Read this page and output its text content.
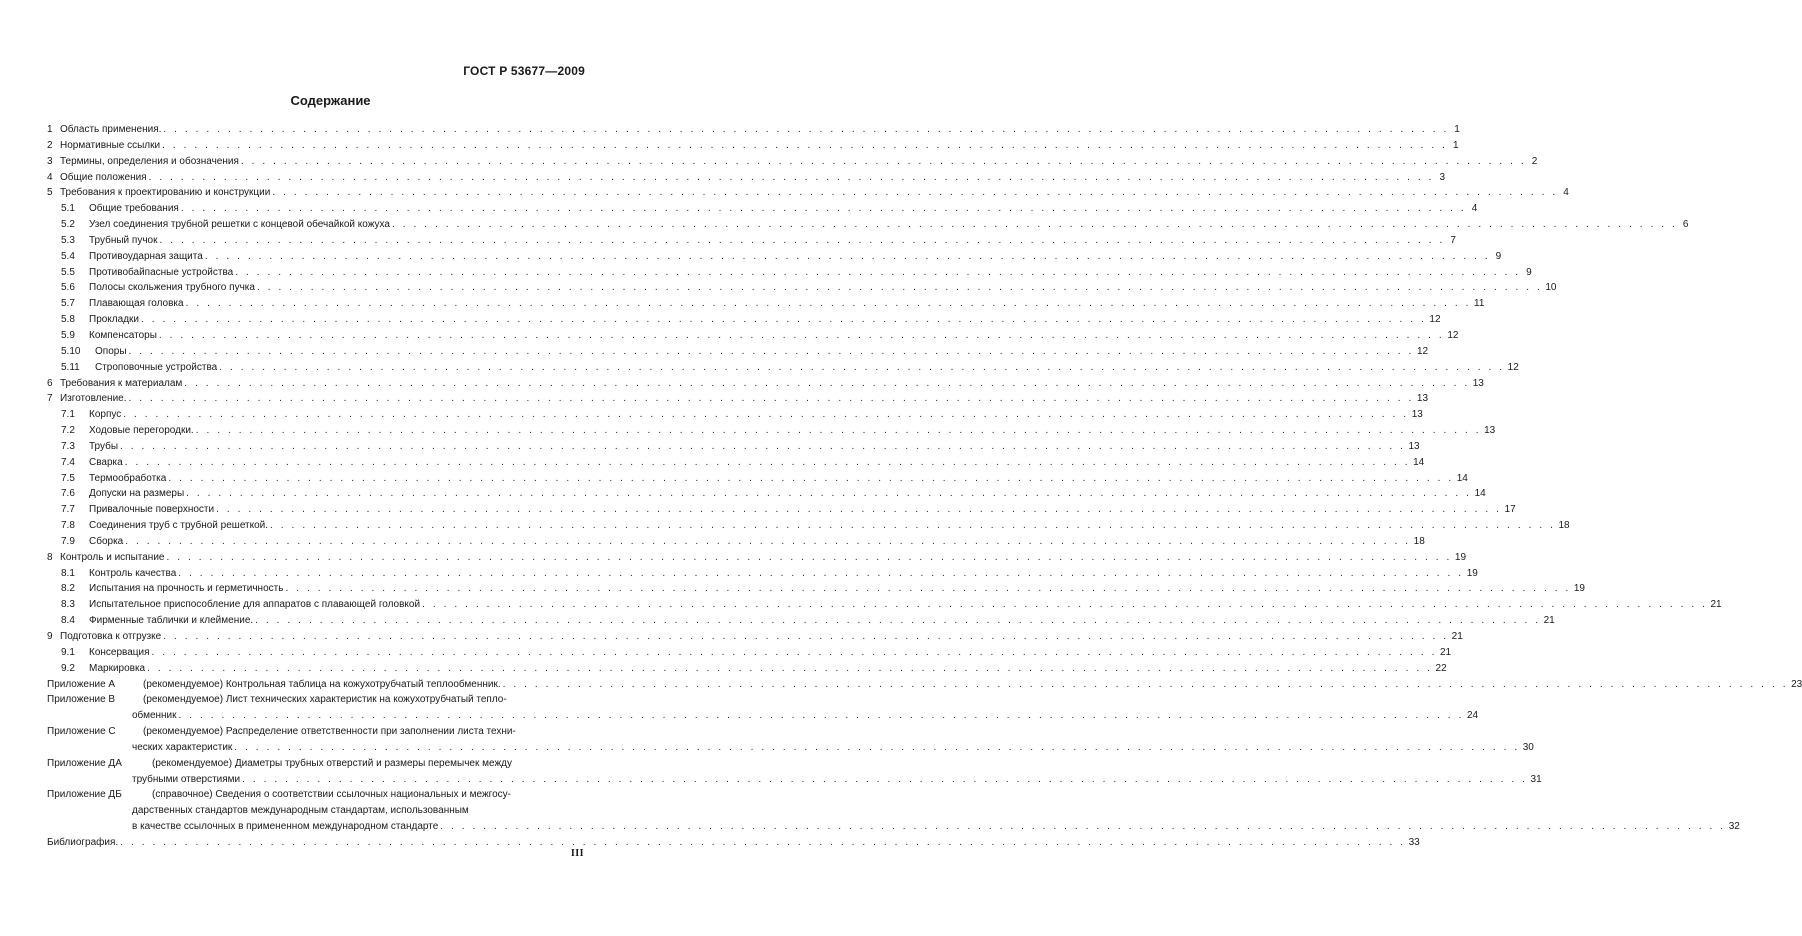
ГОСТ Р 53677—2009
Содержание
1 Область применения. . . . . . . . . . . . . . . . . . . . . . . . . . . . . . . . . . . . . . . . . . . . . . . . . . . . . . . . . . . . . . . . . . . . . . . . . . . . . . . . . . . . . . . . . . . . . . . . . . . . . . . . . . . . . . . . . . . . . . . . . 1
2 Нормативные ссылки . . . . . . . . . . . . . . . . . . . . . . . . . . . . . . . . . . . . . . . . . . . . . . . . . . . . . . . . . . . . . . . . . . . . . . . . . . . . . . . . . . . . . . . . . . . . . . . . . . . . . . . . . . . . . . . . . . . . . . . . 1
3 Термины, определения и обозначения . . . . . . . . . . . . . . . . . . . . . . . . . . . . . . . . . . . . . . . . . . . . . . . . . . . . . . . . . . . . . . . . . . . . . . . . . . . . . . . . . . . . . . . . . . . . . . . . . . . . . . . . . . . . . . . . . . . . . . . . 2
4 Общие положения . . . . . . . . . . . . . . . . . . . . . . . . . . . . . . . . . . . . . . . . . . . . . . . . . . . . . . . . . . . . . . . . . . . . . . . . . . . . . . . . . . . . . . . . . . . . . . . . . . . . . . . . . . . . . . . . . . . . . . . . 3
5 Требования к проектированию и конструкции . . . . . . . . . . . . . . . . . . . . . . . . . . . . . . . . . . . . . . . . . . . . . . . . . . . . . . . . . . . . . . . . . . . . . . . . . . . . . . . . . . . . . . . . . . . . . . . . . . . . . . . . . . . . . . . . . . . . . . . . 4
5.1 Общие требования . . . . . . . . . . . . . . . . . . . . . . . . . . . . . . . . . . . . . . . . . . . . . . . . . . . . . . . . . . . . . . . . . . . . . . . . . . . . . . . . . . . . . . . . . . . . . . . . . . . . . . . . . . . . . . . . . . . . . . . . 4
5.2 Узел соединения трубной решетки с концевой обечайкой кожуха . . . . . . . . . . . . . . . . . . . . . . . . . . . . . . . . . . . . . . . . . . . . . . . . . . . . . . . . . . . . . . . . . . . . . . . . . . . . . . . . . . . . . . . . . . . . . . . . . . . . . . . . . . . . . . . . . . . . . . . . 6
5.3 Трубный пучок . . . . . . . . . . . . . . . . . . . . . . . . . . . . . . . . . . . . . . . . . . . . . . . . . . . . . . . . . . . . . . . . . . . . . . . . . . . . . . . . . . . . . . . . . . . . . . . . . . . . . . . . . . . . . . . . . . . . . . . . 7
5.4 Противоударная защита . . . . . . . . . . . . . . . . . . . . . . . . . . . . . . . . . . . . . . . . . . . . . . . . . . . . . . . . . . . . . . . . . . . . . . . . . . . . . . . . . . . . . . . . . . . . . . . . . . . . . . . . . . . . . . . . . . . . . . . . 9
5.5 Противобайпасные устройства . . . . . . . . . . . . . . . . . . . . . . . . . . . . . . . . . . . . . . . . . . . . . . . . . . . . . . . . . . . . . . . . . . . . . . . . . . . . . . . . . . . . . . . . . . . . . . . . . . . . . . . . . . . . . . . . . . . . . . . . 9
5.6 Полосы скольжения трубного пучка . . . . . . . . . . . . . . . . . . . . . . . . . . . . . . . . . . . . . . . . . . . . . . . . . . . . . . . . . . . . . . . . . . . . . . . . . . . . . . . . . . . . . . . . . . . . . . . . . . . . . . . . . . . . . . . . . . . . . . . . 10
5.7 Плавающая головка . . . . . . . . . . . . . . . . . . . . . . . . . . . . . . . . . . . . . . . . . . . . . . . . . . . . . . . . . . . . . . . . . . . . . . . . . . . . . . . . . . . . . . . . . . . . . . . . . . . . . . . . . . . . . . . . . . . . . . . . 11
5.8 Прокладки . . . . . . . . . . . . . . . . . . . . . . . . . . . . . . . . . . . . . . . . . . . . . . . . . . . . . . . . . . . . . . . . . . . . . . . . . . . . . . . . . . . . . . . . . . . . . . . . . . . . . . . . . . . . . . . . . . . . . . . . 12
5.9 Компенсаторы . . . . . . . . . . . . . . . . . . . . . . . . . . . . . . . . . . . . . . . . . . . . . . . . . . . . . . . . . . . . . . . . . . . . . . . . . . . . . . . . . . . . . . . . . . . . . . . . . . . . . . . . . . . . . . . . . . . . . . . . 12
5.10 Опоры . . . . . . . . . . . . . . . . . . . . . . . . . . . . . . . . . . . . . . . . . . . . . . . . . . . . . . . . . . . . . . . . . . . . . . . . . . . . . . . . . . . . . . . . . . . . . . . . . . . . . . . . . . . . . . . . . . . . . . . . 12
5.11 Строповочные устройства . . . . . . . . . . . . . . . . . . . . . . . . . . . . . . . . . . . . . . . . . . . . . . . . . . . . . . . . . . . . . . . . . . . . . . . . . . . . . . . . . . . . . . . . . . . . . . . . . . . . . . . . . . . . . . . . . . . . . . . . 12
6 Требования к материалам . . . . . . . . . . . . . . . . . . . . . . . . . . . . . . . . . . . . . . . . . . . . . . . . . . . . . . . . . . . . . . . . . . . . . . . . . . . . . . . . . . . . . . . . . . . . . . . . . . . . . . . . . . . . . . . . . . . . . . . . 13
7 Изготовление. . . . . . . . . . . . . . . . . . . . . . . . . . . . . . . . . . . . . . . . . . . . . . . . . . . . . . . . . . . . . . . . . . . . . . . . . . . . . . . . . . . . . . . . . . . . . . . . . . . . . . . . . . . . . . . . . . . . . . . . . 13
7.1 Корпус . . . . . . . . . . . . . . . . . . . . . . . . . . . . . . . . . . . . . . . . . . . . . . . . . . . . . . . . . . . . . . . . . . . . . . . . . . . . . . . . . . . . . . . . . . . . . . . . . . . . . . . . . . . . . . . . . . . . . . . . 13
7.2 Ходовые перегородки. . . . . . . . . . . . . . . . . . . . . . . . . . . . . . . . . . . . . . . . . . . . . . . . . . . . . . . . . . . . . . . . . . . . . . . . . . . . . . . . . . . . . . . . . . . . . . . . . . . . . . . . . . . . . . . . . . . . . . . . . 13
7.3 Трубы . . . . . . . . . . . . . . . . . . . . . . . . . . . . . . . . . . . . . . . . . . . . . . . . . . . . . . . . . . . . . . . . . . . . . . . . . . . . . . . . . . . . . . . . . . . . . . . . . . . . . . . . . . . . . . . . . . . . . . . . 13
7.4 Сварка . . . . . . . . . . . . . . . . . . . . . . . . . . . . . . . . . . . . . . . . . . . . . . . . . . . . . . . . . . . . . . . . . . . . . . . . . . . . . . . . . . . . . . . . . . . . . . . . . . . . . . . . . . . . . . . . . . . . . . . . 14
7.5 Термообработка . . . . . . . . . . . . . . . . . . . . . . . . . . . . . . . . . . . . . . . . . . . . . . . . . . . . . . . . . . . . . . . . . . . . . . . . . . . . . . . . . . . . . . . . . . . . . . . . . . . . . . . . . . . . . . . . . . . . . . . . 14
7.6 Допуски на размеры . . . . . . . . . . . . . . . . . . . . . . . . . . . . . . . . . . . . . . . . . . . . . . . . . . . . . . . . . . . . . . . . . . . . . . . . . . . . . . . . . . . . . . . . . . . . . . . . . . . . . . . . . . . . . . . . . . . . . . . . 14
7.7 Привалочные поверхности . . . . . . . . . . . . . . . . . . . . . . . . . . . . . . . . . . . . . . . . . . . . . . . . . . . . . . . . . . . . . . . . . . . . . . . . . . . . . . . . . . . . . . . . . . . . . . . . . . . . . . . . . . . . . . . . . . . . . . . . 17
7.8 Соединения труб с трубной решеткой. . . . . . . . . . . . . . . . . . . . . . . . . . . . . . . . . . . . . . . . . . . . . . . . . . . . . . . . . . . . . . . . . . . . . . . . . . . . . . . . . . . . . . . . . . . . . . . . . . . . . . . . . . . . . . . . . . . . . . . . . 18
7.9 Сборка . . . . . . . . . . . . . . . . . . . . . . . . . . . . . . . . . . . . . . . . . . . . . . . . . . . . . . . . . . . . . . . . . . . . . . . . . . . . . . . . . . . . . . . . . . . . . . . . . . . . . . . . . . . . . . . . . . . . . . . . 18
8 Контроль и испытание . . . . . . . . . . . . . . . . . . . . . . . . . . . . . . . . . . . . . . . . . . . . . . . . . . . . . . . . . . . . . . . . . . . . . . . . . . . . . . . . . . . . . . . . . . . . . . . . . . . . . . . . . . . . . . . . . . . . . . . . 19
8.1 Контроль качества . . . . . . . . . . . . . . . . . . . . . . . . . . . . . . . . . . . . . . . . . . . . . . . . . . . . . . . . . . . . . . . . . . . . . . . . . . . . . . . . . . . . . . . . . . . . . . . . . . . . . . . . . . . . . . . . . . . . . . . . 19
8.2 Испытания на прочность и герметичность . . . . . . . . . . . . . . . . . . . . . . . . . . . . . . . . . . . . . . . . . . . . . . . . . . . . . . . . . . . . . . . . . . . . . . . . . . . . . . . . . . . . . . . . . . . . . . . . . . . . . . . . . . . . . . . . . . . . . . . . 19
8.3 Испытательное приспособление для аппаратов с плавающей головкой . . . . . . . . . . . . . . . . . . . . . . . . . . . . . . . . . . . . . . . . . . . . . . . . . . . . . . . . . . . . . . . . . . . . . . . . . . . . . . . . . . . . . . . . . . . . . . . . . . . . . . . . . . . . . . . . . . . . . . . . 21
8.4 Фирменные таблички и клеймение. . . . . . . . . . . . . . . . . . . . . . . . . . . . . . . . . . . . . . . . . . . . . . . . . . . . . . . . . . . . . . . . . . . . . . . . . . . . . . . . . . . . . . . . . . . . . . . . . . . . . . . . . . . . . . . . . . . . . . . . . 21
9 Подготовка к отгрузке . . . . . . . . . . . . . . . . . . . . . . . . . . . . . . . . . . . . . . . . . . . . . . . . . . . . . . . . . . . . . . . . . . . . . . . . . . . . . . . . . . . . . . . . . . . . . . . . . . . . . . . . . . . . . . . . . . . . . . . . 21
9.1 Консервация . . . . . . . . . . . . . . . . . . . . . . . . . . . . . . . . . . . . . . . . . . . . . . . . . . . . . . . . . . . . . . . . . . . . . . . . . . . . . . . . . . . . . . . . . . . . . . . . . . . . . . . . . . . . . . . . . . . . . . . . 21
9.2 Маркировка . . . . . . . . . . . . . . . . . . . . . . . . . . . . . . . . . . . . . . . . . . . . . . . . . . . . . . . . . . . . . . . . . . . . . . . . . . . . . . . . . . . . . . . . . . . . . . . . . . . . . . . . . . . . . . . . . . . . . . . . 22
Приложение А	(рекомендуемое) Контрольная таблица на кожухотрубчатый теплообменник. . . . . . . . . . . . . . . . . . . . . . . . . . . . . . . . . . . . . . . . . . . . . . . . . . . . . . . . . . . . . . . . . . . . . . . . . . . . . . . . . . . . . . . . . . . . . . . . . . . . . . . . . . . . . . . . . . . . . . . . . 23
Приложение В	(рекомендуемое) Лист технических характеристик на кожухотрубчатый тепло-
обменник . . . . . . . . . . . . . . . . . . . . . . . . . . . . . . . . . . . . . . . . . . . . . . . . . . . . . . . . . . . . . . . . . . . . . . . . . . . . . . . . . . . . . . . . . . . . . . . . . . . . . . . . . . . . . . . . . . . . . . . . 24
Приложение С	(рекомендуемое) Распределение ответственности при заполнении листа техни-
ческих характеристик . . . . . . . . . . . . . . . . . . . . . . . . . . . . . . . . . . . . . . . . . . . . . . . . . . . . . . . . . . . . . . . . . . . . . . . . . . . . . . . . . . . . . . . . . . . . . . . . . . . . . . . . . . . . . . . . . . . . . . . . 30
Приложение ДА	(рекомендуемое) Диаметры трубных отверстий и размеры перемычек между
трубными отверстиями . . . . . . . . . . . . . . . . . . . . . . . . . . . . . . . . . . . . . . . . . . . . . . . . . . . . . . . . . . . . . . . . . . . . . . . . . . . . . . . . . . . . . . . . . . . . . . . . . . . . . . . . . . . . . . . . . . . . . . . . 31
Приложение ДБ	(справочное) Сведения о соответствии ссылочных национальных и межгосу-
дарственных стандартов международным стандартам, использованным
в качестве ссылочных в примененном международном стандарте . . . . . . . . . . . . . . . . . . . . . . . . . . . . . . . . . . . . . . . . . . . . . . . . . . . . . . . . . . . . . . . . . . . . . . . . . . . . . . . . . . . . . . . . . . . . . . . . . . . . . . . . . . . . . . . . . . . . . . . . 32
Библиография. . . . . . . . . . . . . . . . . . . . . . . . . . . . . . . . . . . . . . . . . . . . . . . . . . . . . . . . . . . . . . . . . . . . . . . . . . . . . . . . . . . . . . . . . . . . . . . . . . . . . . . . . . . . . . . . . . . . . . . . . 33
III
